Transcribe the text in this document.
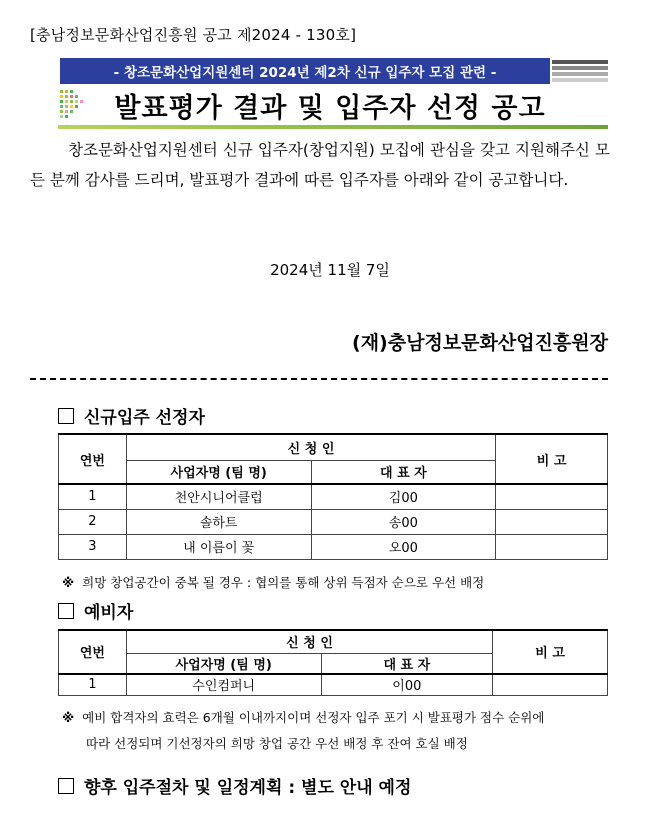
[충남정보문화산업진흥원 공고 제2024 - 130호]
- 창조문화산업지원센터 2024년 제2차 신규 입주자 모집 관련 -
발표평가 결과 및 입주자 선정 공고

창조문화산업지원센터 신규 입주자(창업지원) 모집에 관심을 갖고 지원해주신 모든 분께 감사를 드리며, 발표평가 결과에 따른 입주자를 아래와 같이 공고합니다.

2024년 11월 7일
(재)충남정보문화산업진흥원장
신규입주 선정자
연번	신 청 인		비 고
	사업자명 (팀 명)	대 표 자	
1	천안시니어클럽	김00	
2	솔하트	송00	
3	내 이름이 꽃	오00	
※ 희망 창업공간이 중복 될 경우 : 협의를 통해 상위 득점자 순으로 우선 배정
예비자
연번	신 청 인		비 고
	사업자명 (팀 명)	대 표 자	
1	수인컴퍼니	이00	
※ 예비 합격자의 효력은 6개월 이내까지이며 선정자 입주 포기 시 발표평가 점수 순위에
따라 선정되며 기선정자의 희망 창업 공간 우선 배정 후 잔여 호실 배정
향후 입주절차 및 일정계획 : 별도 안내 예정
